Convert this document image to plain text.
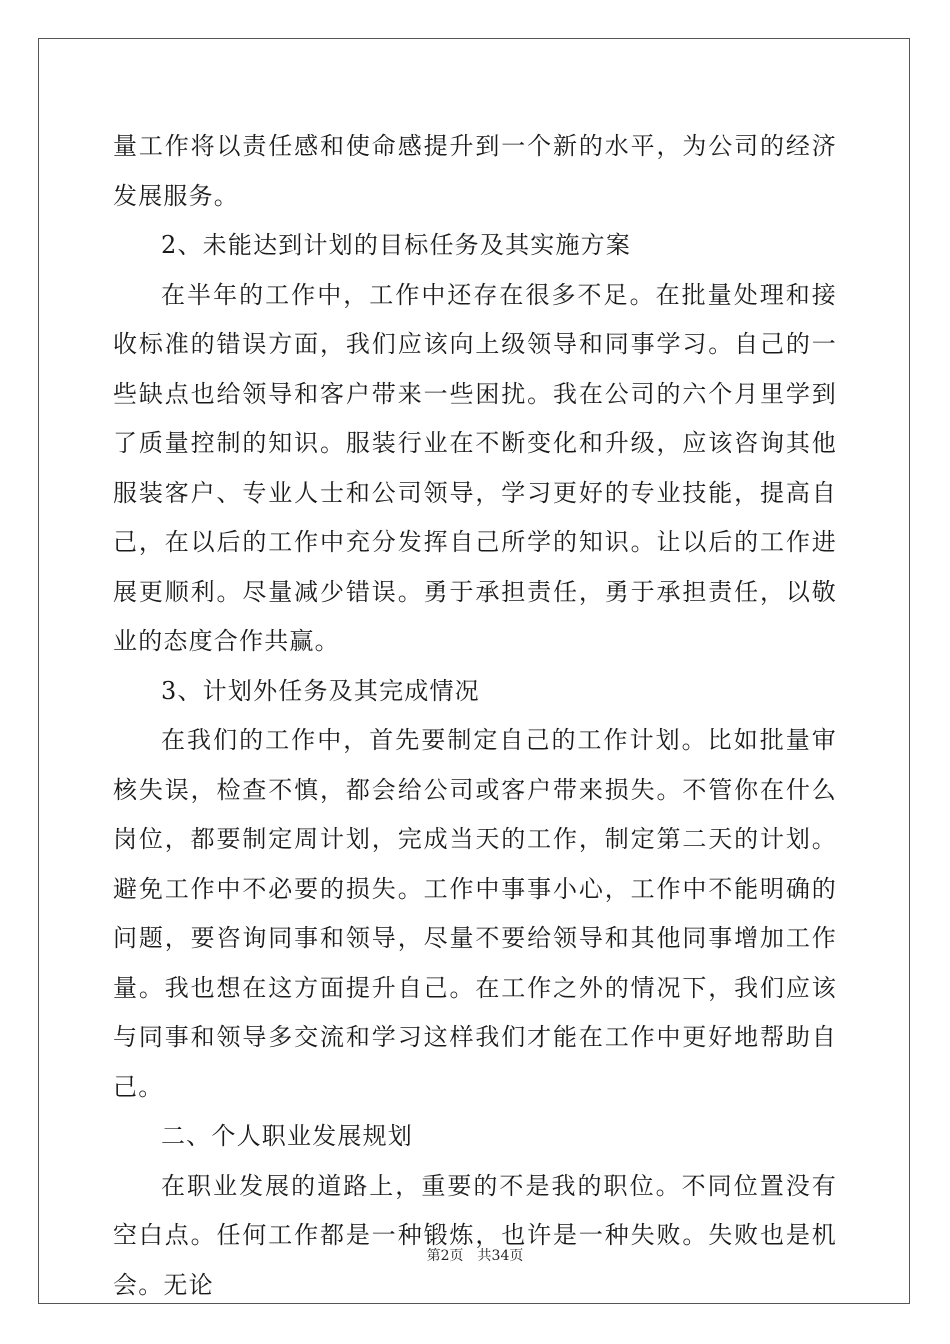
量工作将以责任感和使命感提升到一个新的水平，为公司的经济发展服务。

2、未能达到计划的目标任务及其实施方案

在半年的工作中，工作中还存在很多不足。在批量处理和接收标准的错误方面，我们应该向上级领导和同事学习。自己的一些缺点也给领导和客户带来一些困扰。我在公司的六个月里学到了质量控制的知识。服装行业在不断变化和升级，应该咨询其他服装客户、专业人士和公司领导，学习更好的专业技能，提高自己，在以后的工作中充分发挥自己所学的知识。让以后的工作进展更顺利。尽量减少错误。勇于承担责任，勇于承担责任，以敬业的态度合作共赢。

3、计划外任务及其完成情况

在我们的工作中，首先要制定自己的工作计划。比如批量审核失误，检查不慎，都会给公司或客户带来损失。不管你在什么岗位，都要制定周计划，完成当天的工作，制定第二天的计划。避免工作中不必要的损失。工作中事事小心，工作中不能明确的问题，要咨询同事和领导，尽量不要给领导和其他同事增加工作量。我也想在这方面提升自己。在工作之外的情况下，我们应该与同事和领导多交流和学习这样我们才能在工作中更好地帮助自己。

二、个人职业发展规划

在职业发展的道路上，重要的不是我的职位。不同位置没有空白点。任何工作都是一种锻炼，也许是一种失败。失败也是机会。无论

第2页 共34页
